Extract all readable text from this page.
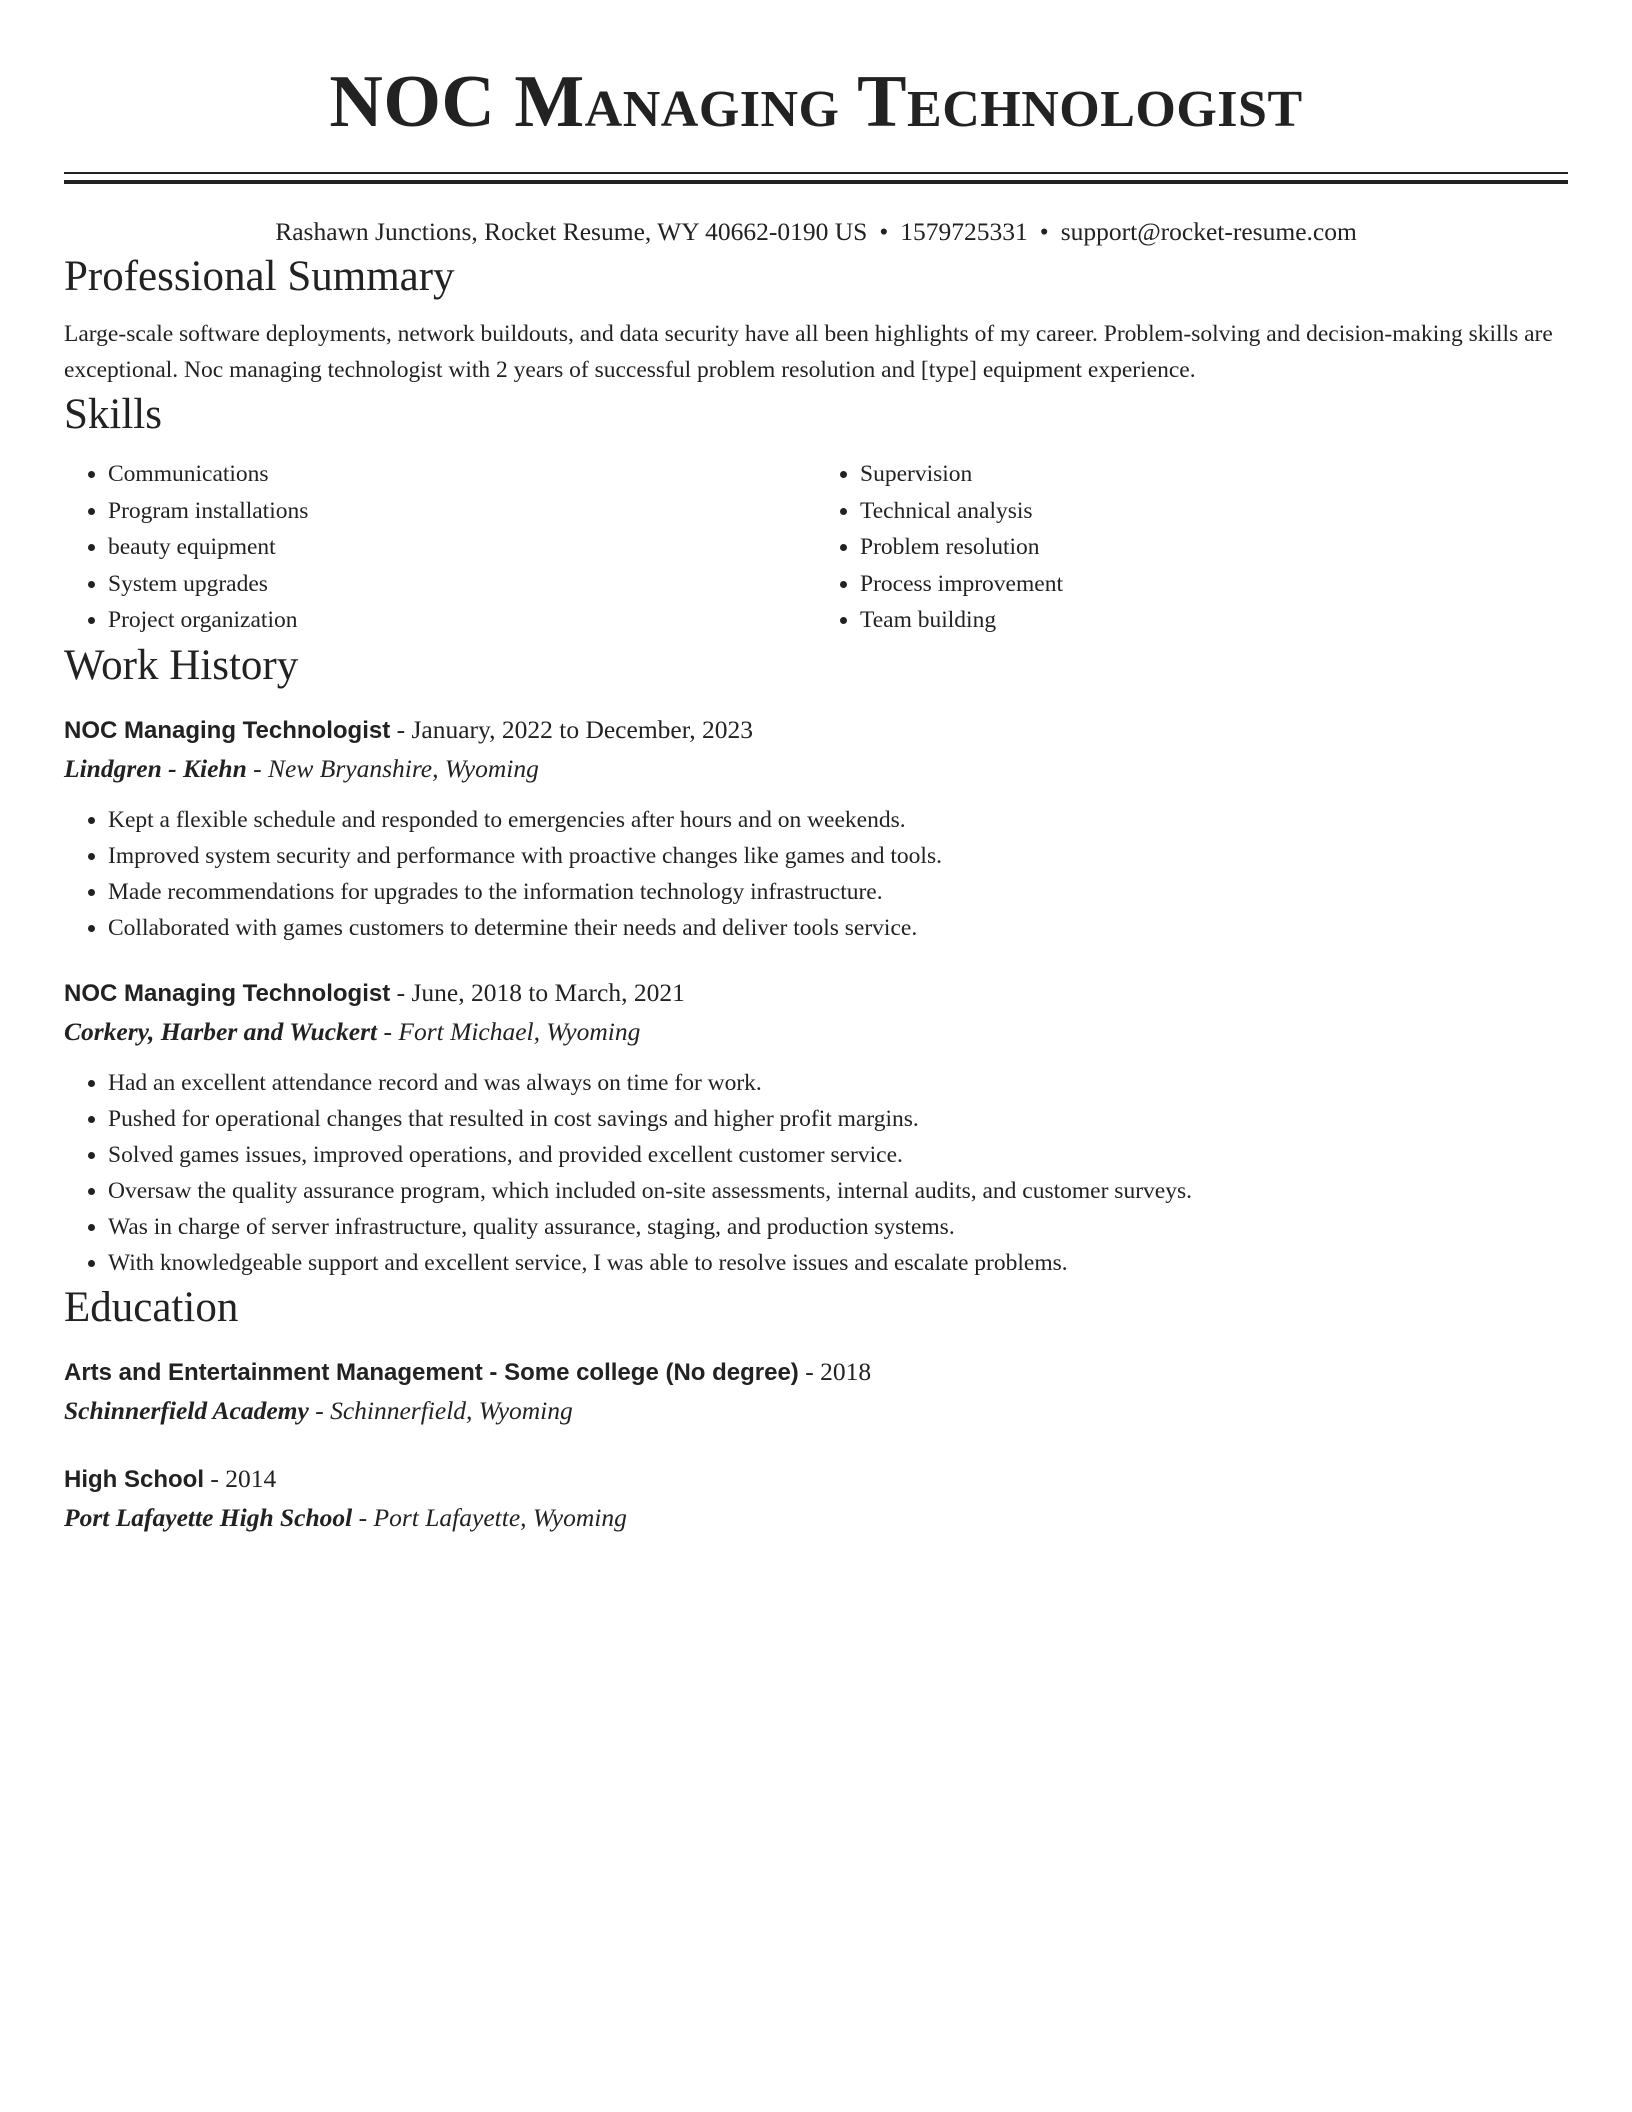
NOC Managing Technologist
Rashawn Junctions, Rocket Resume, WY 40662-0190 US • 1579725331 • support@rocket-resume.com
Professional Summary

Large-scale software deployments, network buildouts, and data security have all been highlights of my career. Problem-solving and decision-making skills are exceptional. Noc managing technologist with 2 years of successful problem resolution and [type] equipment experience.

Skills
• Communications
• Program installations
• beauty equipment
• System upgrades
• Project organization
• Supervision
• Technical analysis
• Problem resolution
• Process improvement
• Team building
Work History
NOC Managing Technologist - January, 2022 to December, 2023
Lindgren - Kiehn - New Bryanshire, Wyoming
• Kept a flexible schedule and responded to emergencies after hours and on weekends.
• Improved system security and performance with proactive changes like games and tools.
• Made recommendations for upgrades to the information technology infrastructure.
• Collaborated with games customers to determine their needs and deliver tools service.
NOC Managing Technologist - June, 2018 to March, 2021
Corkery, Harber and Wuckert - Fort Michael, Wyoming
• Had an excellent attendance record and was always on time for work.
• Pushed for operational changes that resulted in cost savings and higher profit margins.
• Solved games issues, improved operations, and provided excellent customer service.
• Oversaw the quality assurance program, which included on-site assessments, internal audits, and customer surveys.
• Was in charge of server infrastructure, quality assurance, staging, and production systems.
• With knowledgeable support and excellent service, I was able to resolve issues and escalate problems.
Education
Arts and Entertainment Management - Some college (No degree) - 2018
Schinnerfield Academy - Schinnerfield, Wyoming
High School - 2014
Port Lafayette High School - Port Lafayette, Wyoming
